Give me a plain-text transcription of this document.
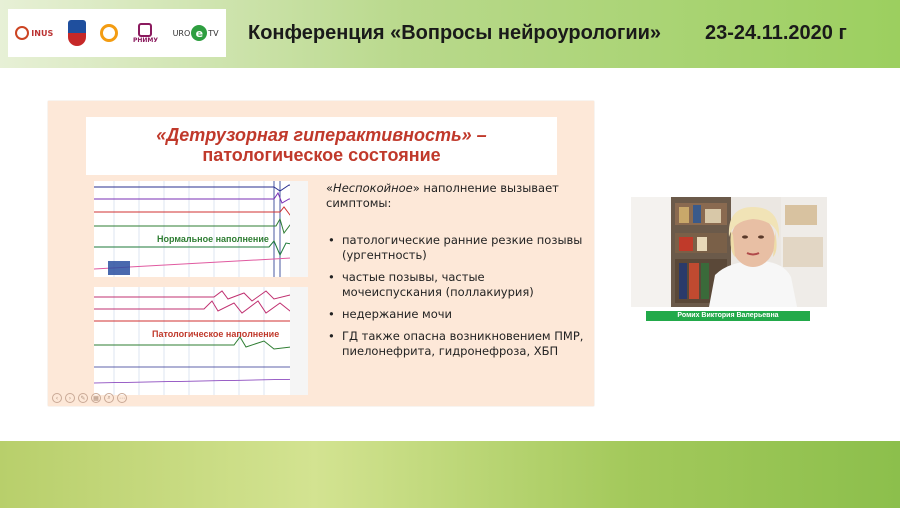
INUS
РНИМУ
URO e TV Конференция «Вопросы нейроурологии» 23-24.11.2020 г
«Детрузорная гиперактивность» –
патологическое состояние
Нормальное наполнение
Патологическое наполнение
«Неспокойное» наполнение вызывает симптомы:
• патологические ранние резкие позывы (ургентность)
• частые позывы, частые мочеиспускания (поллакиурия)
• недержание мочи
• ГД также опасна возникновением ПМР, пиелонефрита, гидронефроза, ХБП
‹	›	✎	▦	⌕	⋯
Ромих Виктория Валерьевна
